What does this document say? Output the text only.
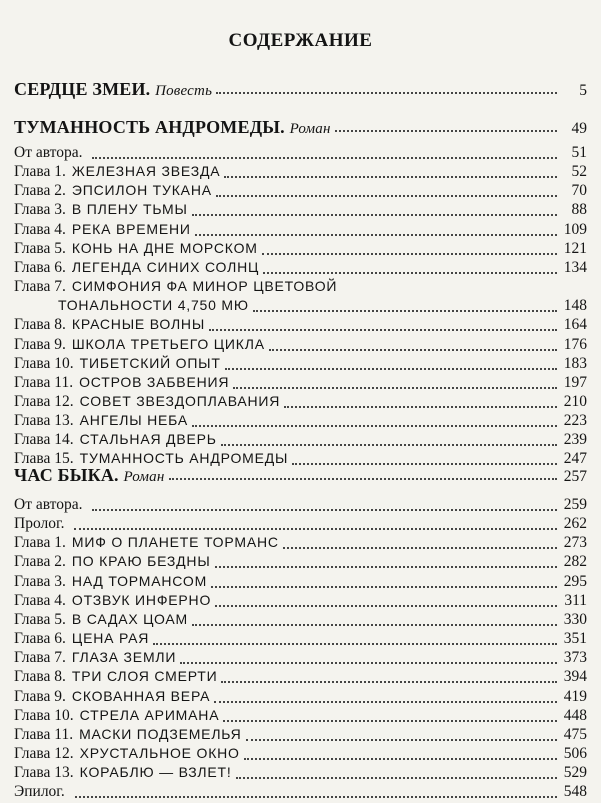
СОДЕРЖАНИЕ
СЕРДЦЕ ЗМЕИ. Повесть	5
ТУМАННОСТЬ АНДРОМЕДЫ. Роман	49
От автора.	51
Глава 1. ЖЕЛЕЗНАЯ ЗВЕЗДА	52
Глава 2. ЭПСИЛОН ТУКАНА	70
Глава 3. В ПЛЕНУ ТЬМЫ	88
Глава 4. РЕКА ВРЕМЕНИ	109
Глава 5. КОНЬ НА ДНЕ МОРСКОМ	121
Глава 6. ЛЕГЕНДА СИНИХ СОЛНЦ	134
Глава 7. СИМФОНИЯ ФА МИНОР ЦВЕТОВОЙ
ТОНАЛЬНОСТИ 4,750 МЮ	148
Глава 8. КРАСНЫЕ ВОЛНЫ	164
Глава 9. ШКОЛА ТРЕТЬЕГО ЦИКЛА	176
Глава 10. ТИБЕТСКИЙ ОПЫТ	183
Глава 11. ОСТРОВ ЗАБВЕНИЯ	197
Глава 12. СОВЕТ ЗВЕЗДОПЛАВАНИЯ	210
Глава 13. АНГЕЛЫ НЕБА	223
Глава 14. СТАЛЬНАЯ ДВЕРЬ	239
Глава 15. ТУМАННОСТЬ АНДРОМЕДЫ	247
ЧАС БЫКА. Роман	257
От автора.	259
Пролог.	262
Глава 1. МИФ О ПЛАНЕТЕ ТОРМАНС	273
Глава 2. ПО КРАЮ БЕЗДНЫ	282
Глава 3. НАД ТОРМАНСОМ	295
Глава 4. ОТЗВУК ИНФЕРНО	311
Глава 5. В САДАХ ЦОАМ	330
Глава 6. ЦЕНА РАЯ	351
Глава 7. ГЛАЗА ЗЕМЛИ	373
Глава 8. ТРИ СЛОЯ СМЕРТИ	394
Глава 9. СКОВАННАЯ ВЕРА	419
Глава 10. СТРЕЛА АРИМАНА	448
Глава 11. МАСКИ ПОДЗЕМЕЛЬЯ	475
Глава 12. ХРУСТАЛЬНОЕ ОКНО	506
Глава 13. КОРАБЛЮ — ВЗЛЕТ!	529
Эпилог.	548
